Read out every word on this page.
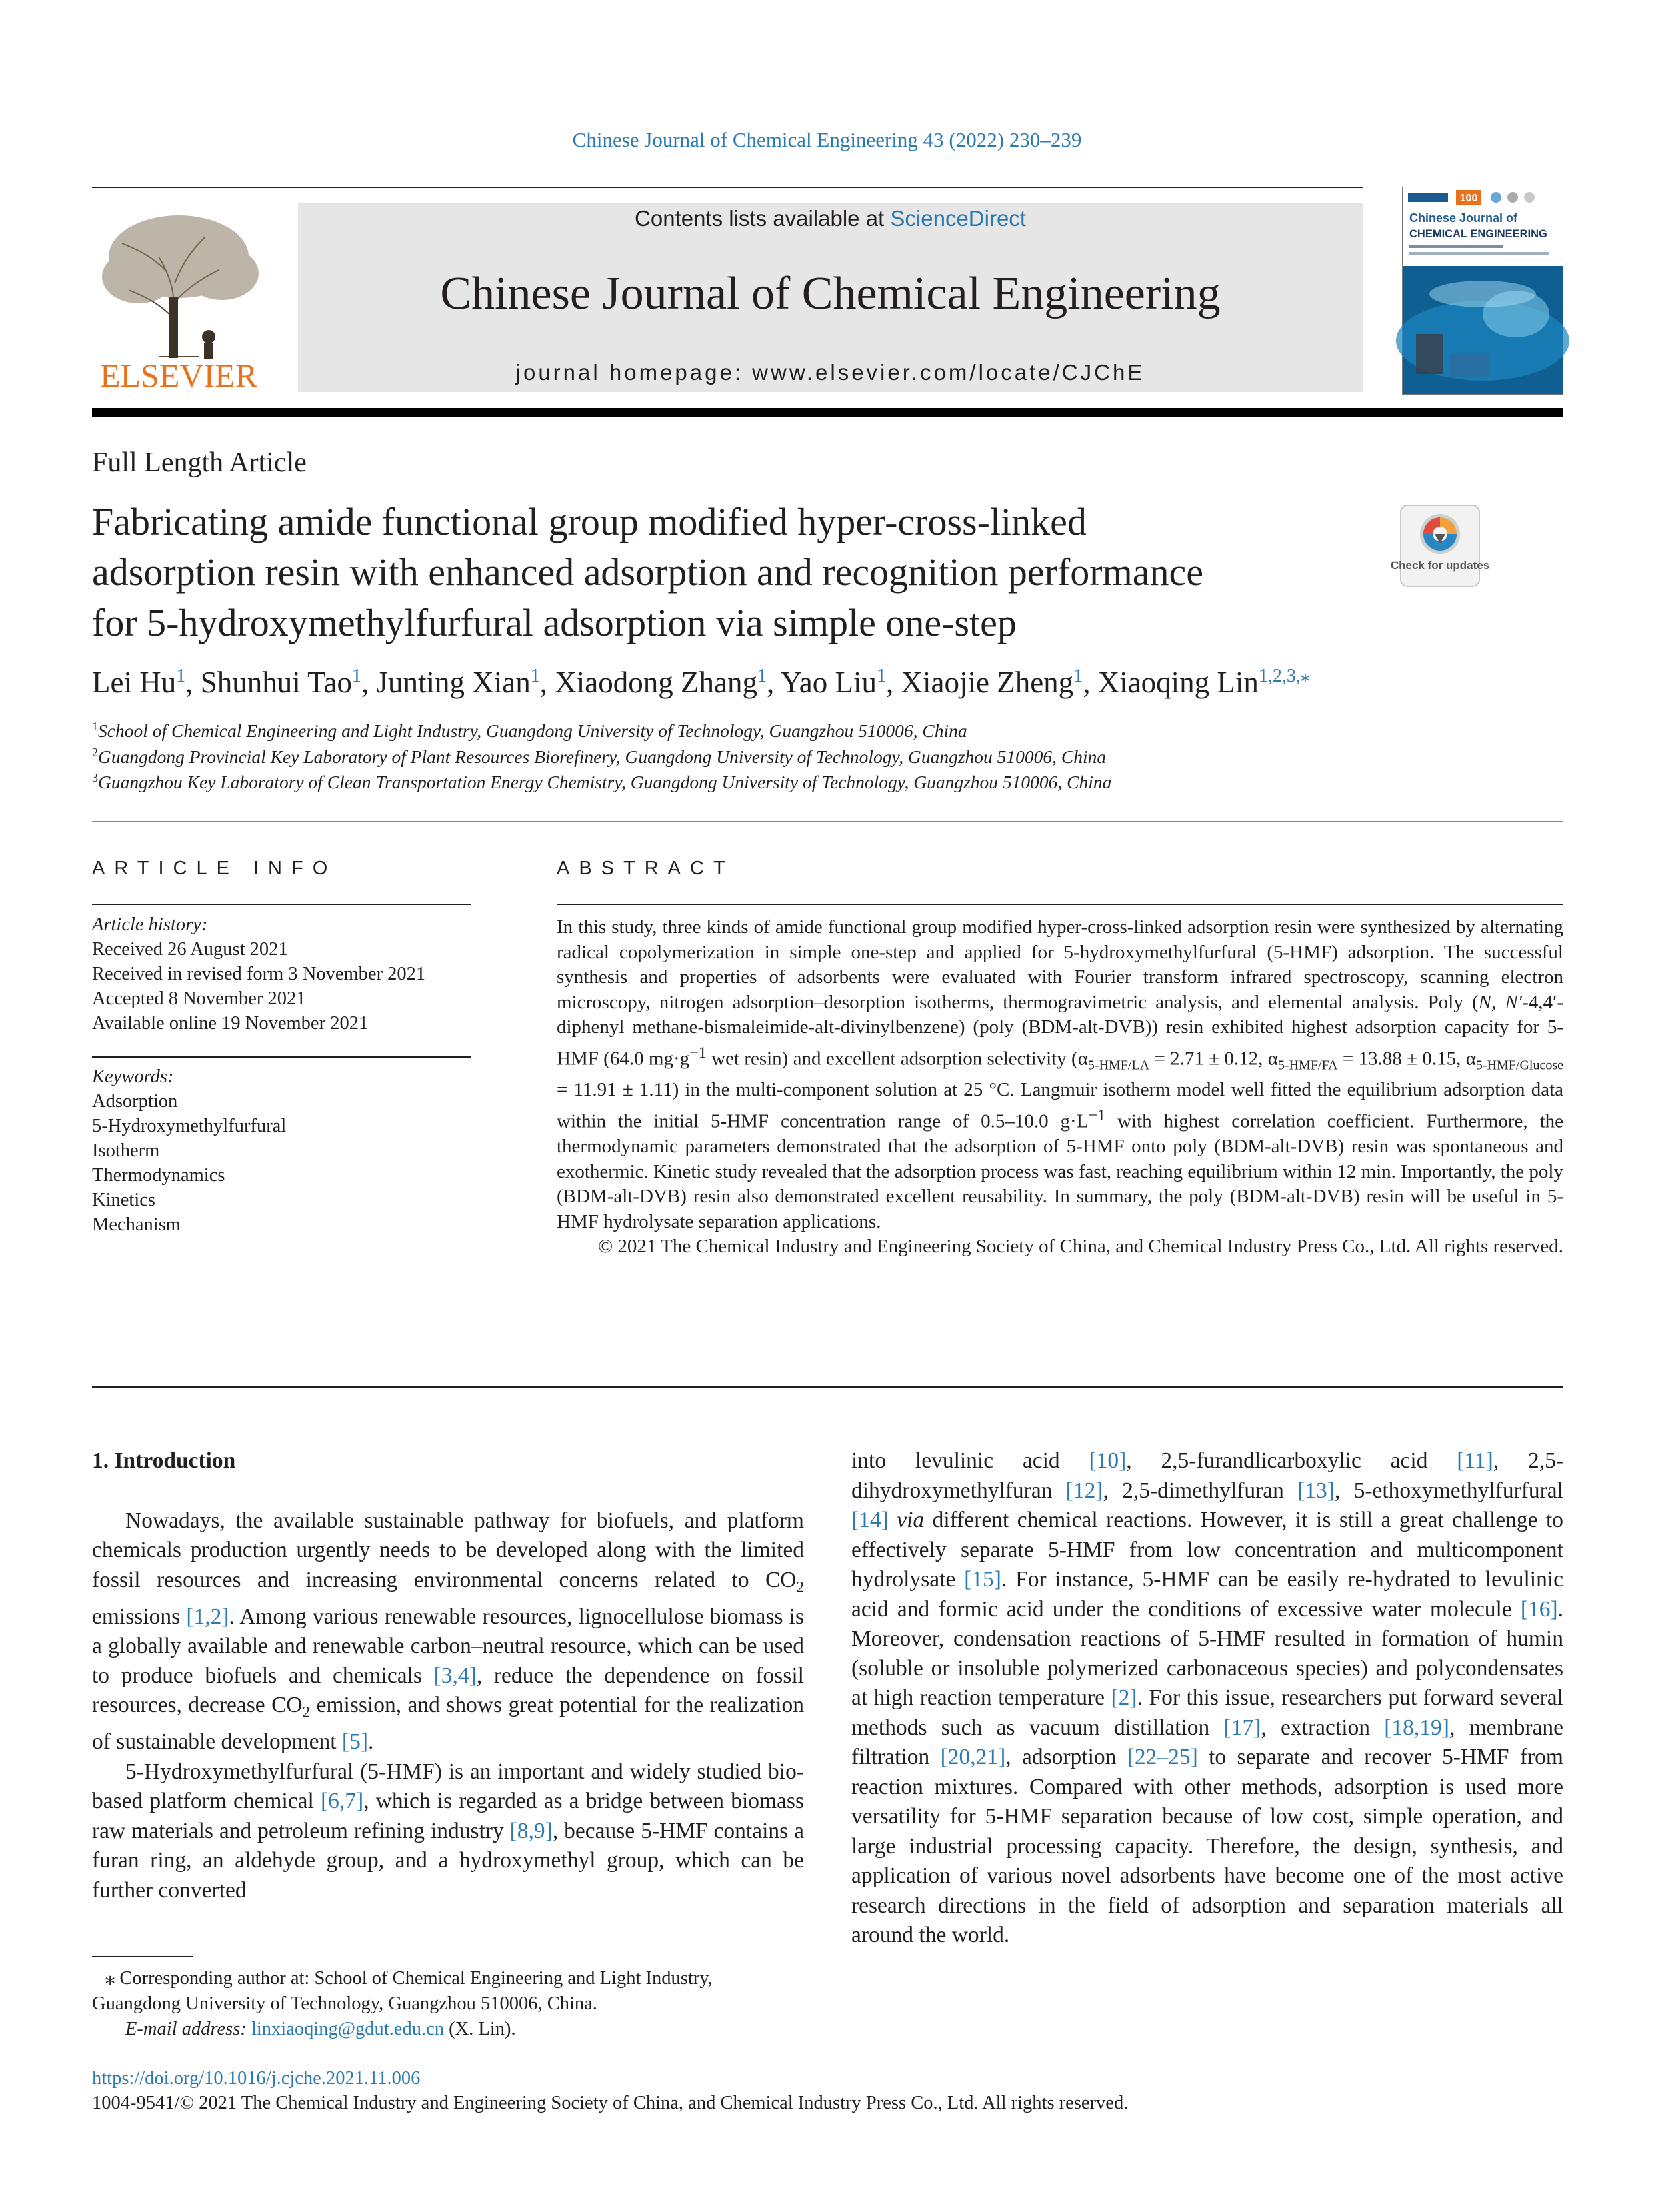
Chinese Journal of Chemical Engineering 43 (2022) 230–239
ELSEVIER
Contents lists available at ScienceDirect
Chinese Journal of Chemical Engineering
journal homepage: www.elsevier.com/locate/CJChE
100
Chinese Journal of
CHEMICAL ENGINEERING
Full Length Article
Fabricating amide functional group modified hyper-cross-linked
adsorption resin with enhanced adsorption and recognition performance
for 5-hydroxymethylfurfural adsorption via simple one-step
Check for updates
Lei Hu$^1$, Shunhui Tao$^1$, Junting Xian$^1$, Xiaodong Zhang$^1$, Yao Liu$^1$, Xiaojie Zheng$^1$, Xiaoqing Lin$^{1,2,3,⁎}$
$^1$School of Chemical Engineering and Light Industry, Guangdong University of Technology, Guangzhou 510006, China
$^2$Guangdong Provincial Key Laboratory of Plant Resources Biorefinery, Guangdong University of Technology, Guangzhou 510006, China
$^3$Guangzhou Key Laboratory of Clean Transportation Energy Chemistry, Guangdong University of Technology, Guangzhou 510006, China
ARTICLE INFO
Article history:
Received 26 August 2021
Received in revised form 3 November 2021
Accepted 8 November 2021
Available online 19 November 2021
Keywords:
Adsorption
5-Hydroxymethylfurfural
Isotherm
Thermodynamics
Kinetics
Mechanism
ABSTRACT
In this study, three kinds of amide functional group modified hyper-cross-linked adsorption resin were synthesized by alternating radical copolymerization in simple one-step and applied for 5-hydroxymethylfurfural (5-HMF) adsorption. The successful synthesis and properties of adsorbents were evaluated with Fourier transform infrared spectroscopy, scanning electron microscopy, nitrogen adsorption–desorption isotherms, thermogravimetric analysis, and elemental analysis. Poly (N, N′-4,4′-diphenyl methane-bismaleimide-alt-divinylbenzene) (poly (BDM-alt-DVB)) resin exhibited highest adsorption capacity for 5-HMF (64.0 $mg\cdot g^{-1}$ wet resin) and excellent adsorption selectivity ($\alpha_{5-HMF/LA} = 2.71 \pm 0.12$, $\alpha_{5-HMF/FA} = 13.88 \pm 0.15$, $\alpha_{5-HMF/Glucose} = 11.91 \pm 1.11$) in the multi-component solution at 25 °C. Langmuir isotherm model well fitted the equilibrium adsorption data within the initial 5-HMF concentration range of 0.5–10.0 $g\cdot L^{-1}$ with highest correlation coefficient. Furthermore, the thermodynamic parameters demonstrated that the adsorption of 5-HMF onto poly (BDM-alt-DVB) resin was spontaneous and exothermic. Kinetic study revealed that the adsorption process was fast, reaching equilibrium within 12 min. Importantly, the poly (BDM-alt-DVB) resin also demonstrated excellent reusability. In summary, the poly (BDM-alt-DVB) resin will be useful in 5-HMF hydrolysate separation applications.
© 2021 The Chemical Industry and Engineering Society of China, and Chemical Industry Press Co., Ltd. All rights reserved.

1. Introduction

Nowadays, the available sustainable pathway for biofuels, and platform chemicals production urgently needs to be developed along with the limited fossil resources and increasing environmental concerns related to $CO_2$ emissions [1,2]. Among various renewable resources, lignocellulose biomass is a globally available and renewable carbon–neutral resource, which can be used to produce biofuels and chemicals [3,4], reduce the dependence on fossil resources, decrease $CO_2$ emission, and shows great potential for the realization of sustainable development [5].

5-Hydroxymethylfurfural (5-HMF) is an important and widely studied bio-based platform chemical [6,7], which is regarded as a bridge between biomass raw materials and petroleum refining industry [8,9], because 5-HMF contains a furan ring, an aldehyde group, and a hydroxymethyl group, which can be further converted

into levulinic acid [10], 2,5-furandlicarboxylic acid [11], 2,5-dihydroxymethylfuran [12], 2,5-dimethylfuran [13], 5-ethoxymethylfurfural [14] via different chemical reactions. However, it is still a great challenge to effectively separate 5-HMF from low concentration and multicomponent hydrolysate [15]. For instance, 5-HMF can be easily re-hydrated to levulinic acid and formic acid under the conditions of excessive water molecule [16]. Moreover, condensation reactions of 5-HMF resulted in formation of humin (soluble or insoluble polymerized carbonaceous species) and polycondensates at high reaction temperature [2]. For this issue, researchers put forward several methods such as vacuum distillation [17], extraction [18,19], membrane filtration [20,21], adsorption [22–25] to separate and recover 5-HMF from reaction mixtures. Compared with other methods, adsorption is used more versatility for 5-HMF separation because of low cost, simple operation, and large industrial processing capacity. Therefore, the design, synthesis, and application of various novel adsorbents have become one of the most active research directions in the field of adsorption and separation materials all around the world.

⁎ Corresponding author at: School of Chemical Engineering and Light Industry, Guangdong University of Technology, Guangzhou 510006, China.
E-mail address: linxiaoqing@gdut.edu.cn (X. Lin).
https://doi.org/10.1016/j.cjche.2021.11.006
1004-9541/© 2021 The Chemical Industry and Engineering Society of China, and Chemical Industry Press Co., Ltd. All rights reserved.
